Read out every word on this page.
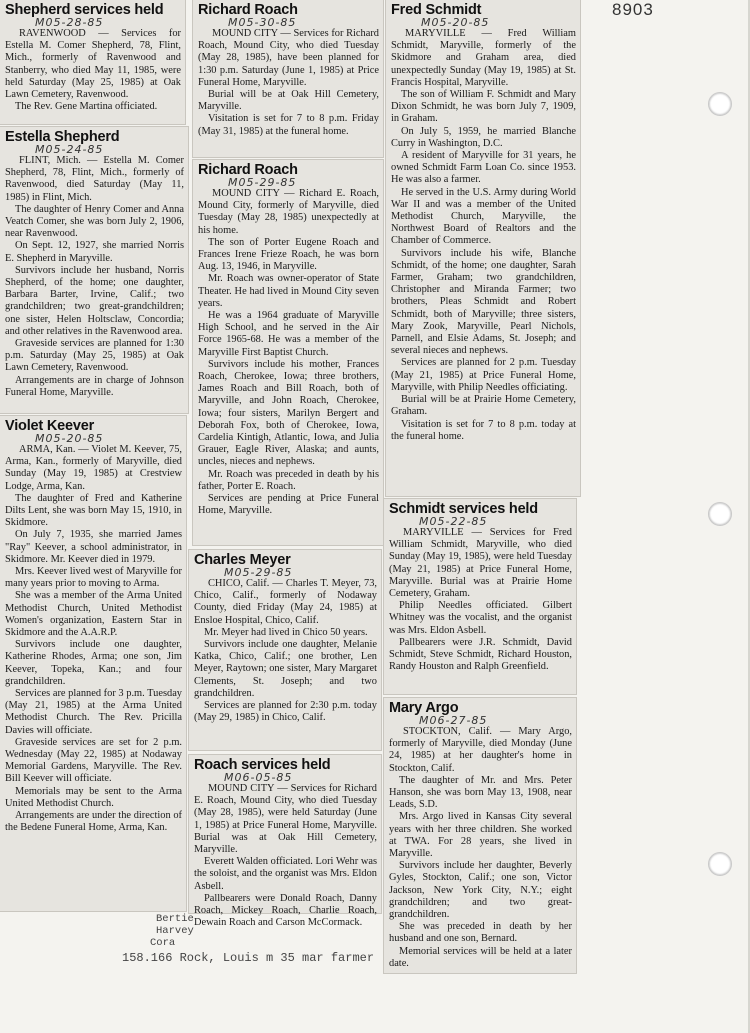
8903
Shepherd services held
M05-28-85

RAVENWOOD — Services for Estella M. Comer Shepherd, 78, Flint, Mich., formerly of Ravenwood and Stanberry, who died May 11, 1985, were held Saturday (May 25, 1985) at Oak Lawn Cemetery, Ravenwood.

The Rev. Gene Martina officiated.

Estella Shepherd
M05-24-85

FLINT, Mich. — Estella M. Comer Shepherd, 78, Flint, Mich., formerly of Ravenwood, died Saturday (May 11, 1985) in Flint, Mich.

The daughter of Henry Comer and Anna Veatch Comer, she was born July 2, 1906, near Ravenwood.

On Sept. 12, 1927, she married Norris E. Shepherd in Maryville.

Survivors include her husband, Norris Shepherd, of the home; one daughter, Barbara Barter, Irvine, Calif.; two grandchildren; two great-grandchildren; one sister, Helen Holtsclaw, Concordia; and other relatives in the Ravenwood area.

Graveside services are planned for 1:30 p.m. Saturday (May 25, 1985) at Oak Lawn Cemetery, Ravenwood.

Arrangements are in charge of Johnson Funeral Home, Maryville.

Violet Keever
M05-20-85

ARMA, Kan. — Violet M. Keever, 75, Arma, Kan., formerly of Maryville, died Sunday (May 19, 1985) at Crestview Lodge, Arma, Kan.

The daughter of Fred and Katherine Dilts Lent, she was born May 15, 1910, in Skidmore.

On July 7, 1935, she married James "Ray" Keever, a school administrator, in Skidmore. Mr. Keever died in 1979.

Mrs. Keever lived west of Maryville for many years prior to moving to Arma.

She was a member of the Arma United Methodist Church, United Methodist Women's organization, Eastern Star in Skidmore and the A.A.R.P.

Survivors include one daughter, Katherine Rhodes, Arma; one son, Jim Keever, Topeka, Kan.; and four grandchildren.

Services are planned for 3 p.m. Tuesday (May 21, 1985) at the Arma United Methodist Church. The Rev. Pricilla Davies will officiate.

Graveside services are set for 2 p.m. Wednesday (May 22, 1985) at Nodaway Memorial Gardens, Maryville. The Rev. Bill Keever will officiate.

Memorials may be sent to the Arma United Methodist Church.

Arrangements are under the direction of the Bedene Funeral Home, Arma, Kan.

Richard Roach
M05-30-85

MOUND CITY — Services for Richard Roach, Mound City, who died Tuesday (May 28, 1985), have been planned for 1:30 p.m. Saturday (June 1, 1985) at Price Funeral Home, Maryville.

Burial will be at Oak Hill Cemetery, Maryville.

Visitation is set for 7 to 8 p.m. Friday (May 31, 1985) at the funeral home.

Richard Roach
M05-29-85

MOUND CITY — Richard E. Roach, Mound City, formerly of Maryville, died Tuesday (May 28, 1985) unexpectedly at his home.

The son of Porter Eugene Roach and Frances Irene Frieze Roach, he was born Aug. 13, 1946, in Maryville.

Mr. Roach was owner-operator of State Theater. He had lived in Mound City seven years.

He was a 1964 graduate of Maryville High School, and he served in the Air Force 1965-68. He was a member of the Maryville First Baptist Church.

Survivors include his mother, Frances Roach, Cherokee, Iowa; three brothers, James Roach and Bill Roach, both of Maryville, and John Roach, Cherokee, Iowa; four sisters, Marilyn Bergert and Deborah Fox, both of Cherokee, Iowa, Cardelia Kintigh, Atlantic, Iowa, and Julia Grauer, Eagle River, Alaska; and aunts, uncles, nieces and nephews.

Mr. Roach was preceded in death by his father, Porter E. Roach.

Services are pending at Price Funeral Home, Maryville.

Charles Meyer
M05-29-85

CHICO, Calif. — Charles T. Meyer, 73, Chico, Calif., formerly of Nodaway County, died Friday (May 24, 1985) at Ensloe Hospital, Chico, Calif.

Mr. Meyer had lived in Chico 50 years.

Survivors include one daughter, Melanie Katka, Chico, Calif.; one brother, Len Meyer, Raytown; one sister, Mary Margaret Clements, St. Joseph; and two grandchildren.

Services are planned for 2:30 p.m. today (May 29, 1985) in Chico, Calif.

Roach services held
M06-05-85

MOUND CITY — Services for Richard E. Roach, Mound City, who died Tuesday (May 28, 1985), were held Saturday (June 1, 1985) at Price Funeral Home, Maryville. Burial was at Oak Hill Cemetery, Maryville.

Everett Walden officiated. Lori Wehr was the soloist, and the organist was Mrs. Eldon Asbell.

Pallbearers were Donald Roach, Danny Roach, Mickey Roach, Charlie Roach, Dewain Roach and Carson McCormack.

Bertie
Harvey
Cora
158.166 Rock, Louis m 35 mar farmer
Fred Schmidt
M05-20-85

MARYVILLE — Fred William Schmidt, Maryville, formerly of the Skidmore and Graham area, died unexpectedly Sunday (May 19, 1985) at St. Francis Hospital, Maryville.

The son of William F. Schmidt and Mary Dixon Schmidt, he was born July 7, 1909, in Graham.

On July 5, 1959, he married Blanche Curry in Washington, D.C.

A resident of Maryville for 31 years, he owned Schmidt Farm Loan Co. since 1953. He was also a farmer.

He served in the U.S. Army during World War II and was a member of the United Methodist Church, Maryville, the Northwest Board of Realtors and the Chamber of Commerce.

Survivors include his wife, Blanche Schmidt, of the home; one daughter, Sarah Farmer, Graham; two grandchildren, Christopher and Miranda Farmer; two brothers, Pleas Schmidt and Robert Schmidt, both of Maryville; three sisters, Mary Zook, Maryville, Pearl Nichols, Parnell, and Elsie Adams, St. Joseph; and several nieces and nephews.

Services are planned for 2 p.m. Tuesday (May 21, 1985) at Price Funeral Home, Maryville, with Philip Needles officiating.

Burial will be at Prairie Home Cemetery, Graham.

Visitation is set for 7 to 8 p.m. today at the funeral home.

Schmidt services held
M05-22-85

MARYVILLE — Services for Fred William Schmidt, Maryville, who died Sunday (May 19, 1985), were held Tuesday (May 21, 1985) at Price Funeral Home, Maryville. Burial was at Prairie Home Cemetery, Graham.

Philip Needles officiated. Gilbert Whitney was the vocalist, and the organist was Mrs. Eldon Asbell.

Pallbearers were J.R. Schmidt, David Schmidt, Steve Schmidt, Richard Houston, Randy Houston and Ralph Greenfield.

Mary Argo
M06-27-85

STOCKTON, Calif. — Mary Argo, formerly of Maryville, died Monday (June 24, 1985) at her daughter's home in Stockton, Calif.

The daughter of Mr. and Mrs. Peter Hanson, she was born May 13, 1908, near Leads, S.D.

Mrs. Argo lived in Kansas City several years with her three children. She worked at TWA. For 28 years, she lived in Maryville.

Survivors include her daughter, Beverly Gyles, Stockton, Calif.; one son, Victor Jackson, New York City, N.Y.; eight grandchildren; and two great-grandchildren.

She was preceded in death by her husband and one son, Bernard.

Memorial services will be held at a later date.
